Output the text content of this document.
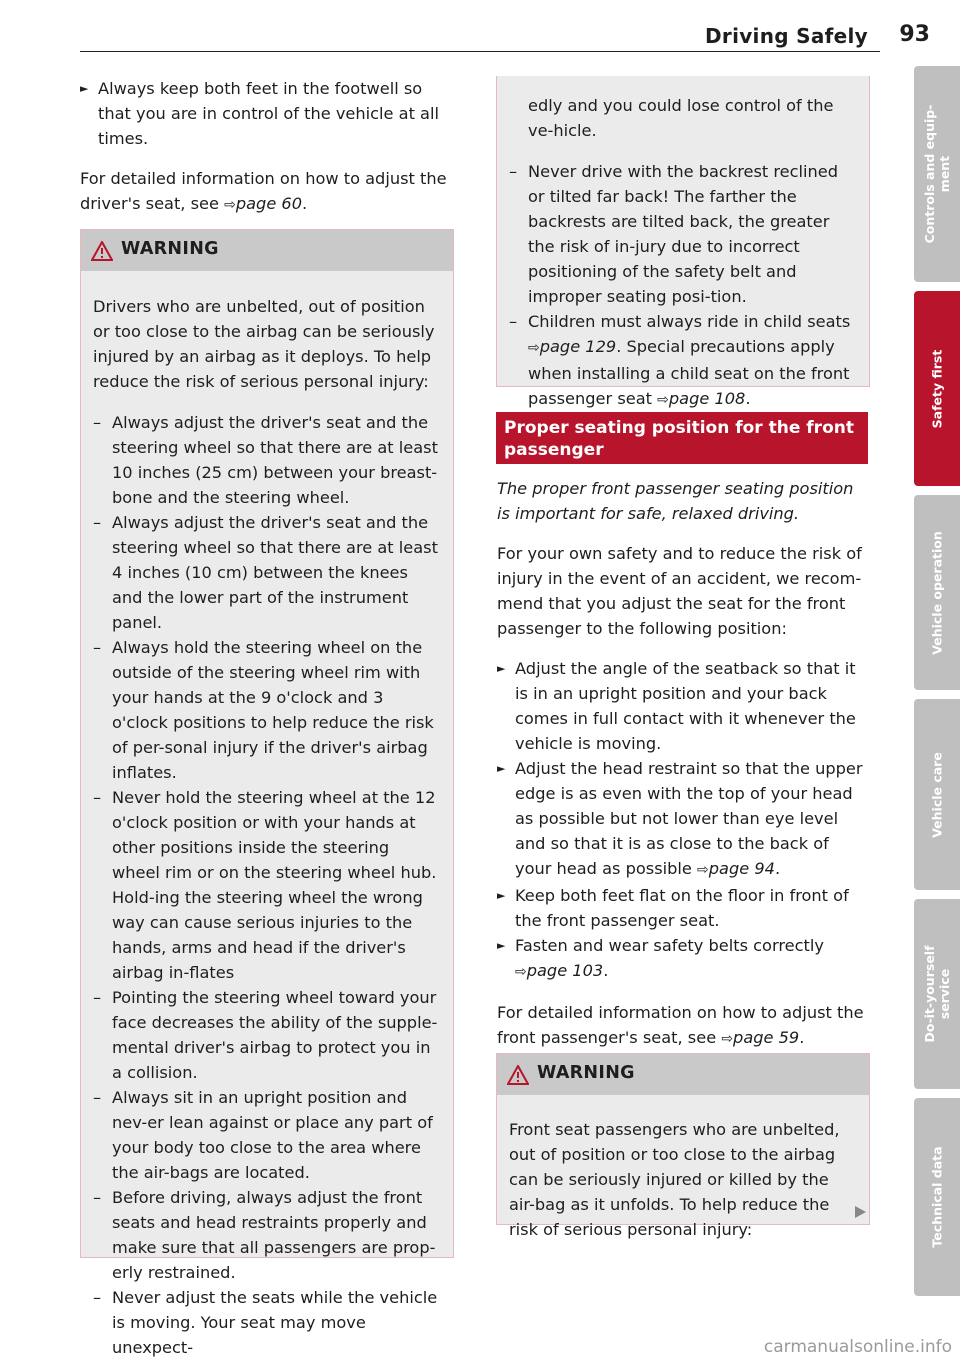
Driving Safely 93

► Always keep both feet in the footwell so that you are in control of the vehicle at all times.

For detailed information on how to adjust the driver's seat, see ⇨page 60.

WARNING

Drivers who are unbelted, out of position or too close to the airbag can be seriously injured by an airbag as it deploys. To help reduce the risk of serious personal injury:

– Always adjust the driver's seat and the steering wheel so that there are at least 10 inches (25 cm) between your breast-bone and the steering wheel.

– Always adjust the driver's seat and the steering wheel so that there are at least 4 inches (10 cm) between the knees and the lower part of the instrument panel.

– Always hold the steering wheel on the outside of the steering wheel rim with your hands at the 9 o'clock and 3 o'clock positions to help reduce the risk of per-sonal injury if the driver's airbag inflates.

– Never hold the steering wheel at the 12 o'clock position or with your hands at other positions inside the steering wheel rim or on the steering wheel hub. Hold-ing the steering wheel the wrong way can cause serious injuries to the hands, arms and head if the driver's airbag in-flates

– Pointing the steering wheel toward your face decreases the ability of the supple-mental driver's airbag to protect you in a collision.

– Always sit in an upright position and nev-er lean against or place any part of your body too close to the area where the air-bags are located.

– Before driving, always adjust the front seats and head restraints properly and make sure that all passengers are prop-erly restrained.

– Never adjust the seats while the vehicle is moving. Your seat may move unexpect-

edly and you could lose control of the ve-hicle.

– Never drive with the backrest reclined or tilted far back! The farther the backrests are tilted back, the greater the risk of in-jury due to incorrect positioning of the safety belt and improper seating posi-tion.

– Children must always ride in child seats ⇨page 129. Special precautions apply when installing a child seat on the front passenger seat ⇨page 108.

Proper seating position for the front passenger

The proper front passenger seating position is important for safe, relaxed driving.

For your own safety and to reduce the risk of injury in the event of an accident, we recom-mend that you adjust the seat for the front passenger to the following position:

► Adjust the angle of the seatback so that it is in an upright position and your back comes in full contact with it whenever the vehicle is moving.

► Adjust the head restraint so that the upper edge is as even with the top of your head as possible but not lower than eye level and so that it is as close to the back of your head as possible ⇨page 94.

► Keep both feet flat on the floor in front of the front passenger seat.

► Fasten and wear safety belts correctly ⇨page 103.

For detailed information on how to adjust the front passenger's seat, see ⇨page 59.

WARNING

Front seat passengers who are unbelted, out of position or too close to the airbag can be seriously injured or killed by the air-bag as it unfolds. To help reduce the risk of serious personal injury:

Controls and equip- ment
Safety first
Vehicle operation
Vehicle care
Do-it-yourself service
Technical data
carmanualsonline.info
